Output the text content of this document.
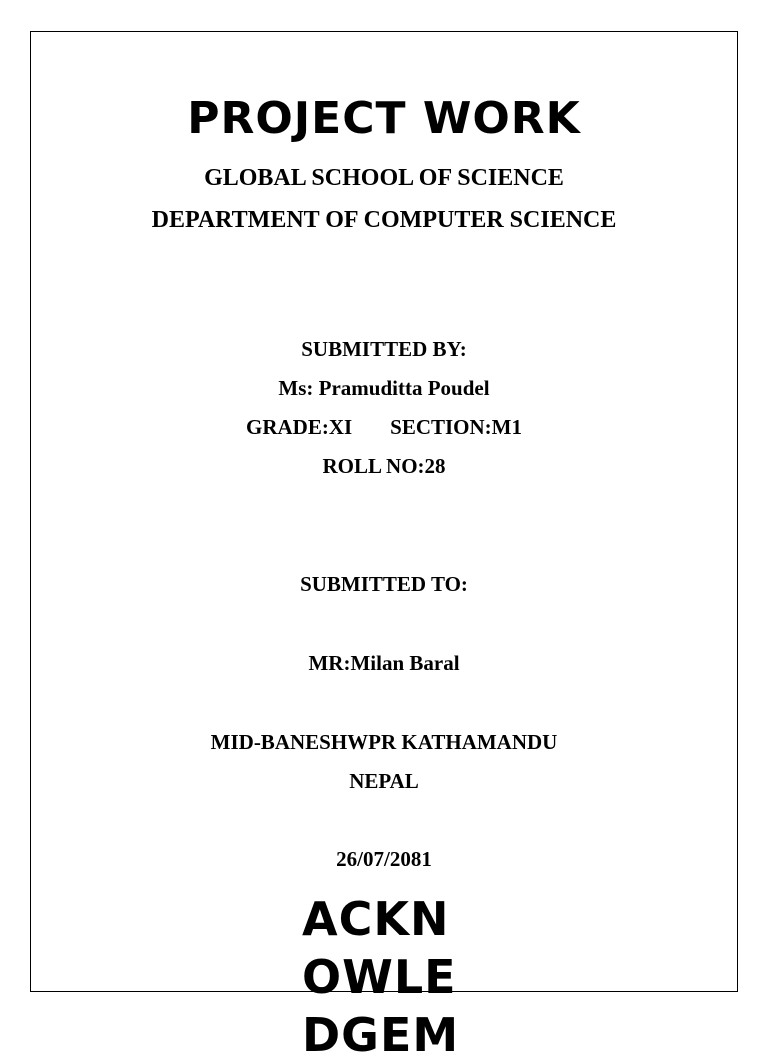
PROJECT WORK
GLOBAL SCHOOL OF SCIENCE
DEPARTMENT OF COMPUTER SCIENCE
SUBMITTED BY:
Ms: Pramuditta Poudel
GRADE:XI SECTION:M1
ROLL NO:28
SUBMITTED TO:
MR:Milan Baral
MID-BANESHWPR KATHAMANDU
NEPAL
26/07/2081
ACKN
OWLE
DGEM
